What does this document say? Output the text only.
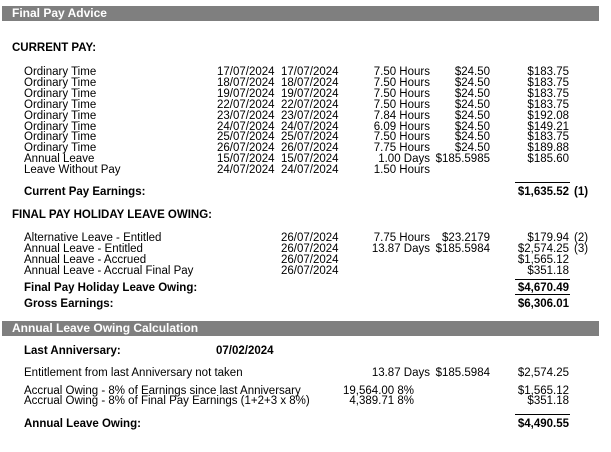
Final Pay Advice
CURRENT PAY:
Ordinary Time	17/07/2024 17/07/2024	7.50 Hours $24.50	$183.75
Ordinary Time	18/07/2024 18/07/2024	7.50 Hours $24.50	$183.75
Ordinary Time	19/07/2024 19/07/2024	7.50 Hours $24.50	$183.75
Ordinary Time	22/07/2024 22/07/2024	7.50 Hours $24.50	$183.75
Ordinary Time	23/07/2024 23/07/2024	7.84 Hours $24.50	$192.08
Ordinary Time	24/07/2024 24/07/2024	6.09 Hours $24.50	$149.21
Ordinary Time	25/07/2024 25/07/2024	7.50 Hours $24.50	$183.75
Ordinary Time	26/07/2024 26/07/2024	7.75 Hours $24.50	$189.88
Annual Leave	15/07/2024 15/07/2024	1.00 Days $185.5985	$185.60
Leave Without Pay	24/07/2024 24/07/2024	1.50 Hours
Current Pay Earnings:	$1,635.52 (1)
FINAL PAY HOLIDAY LEAVE OWING:
Alternative Leave - Entitled	26/07/2024	7.75 Hours $23.2179	$179.94 (2)
Annual Leave - Entitled	26/07/2024	13.87 Days $185.5984 $2,574.25 (3)
Annual Leave - Accrued	26/07/2024	$1,565.12
Annual Leave - Accrual Final Pay	26/07/2024	$351.18
Final Pay Holiday Leave Owing:	$4,670.49
Gross Earnings:	$6,306.01
Annual Leave Owing Calculation
Last Anniversary:	07/02/2024
Entitlement from last Anniversary not taken	13.87 Days $185.5984 $2,574.25
Accrual Owing - 8% of Earnings since last Anniversary	19,564.00 8%	$1,565.12
Accrual Owing - 8% of Final Pay Earnings (1+2+3 x 8%)	4,389.71 8%	$351.18
Annual Leave Owing:	$4,490.55
